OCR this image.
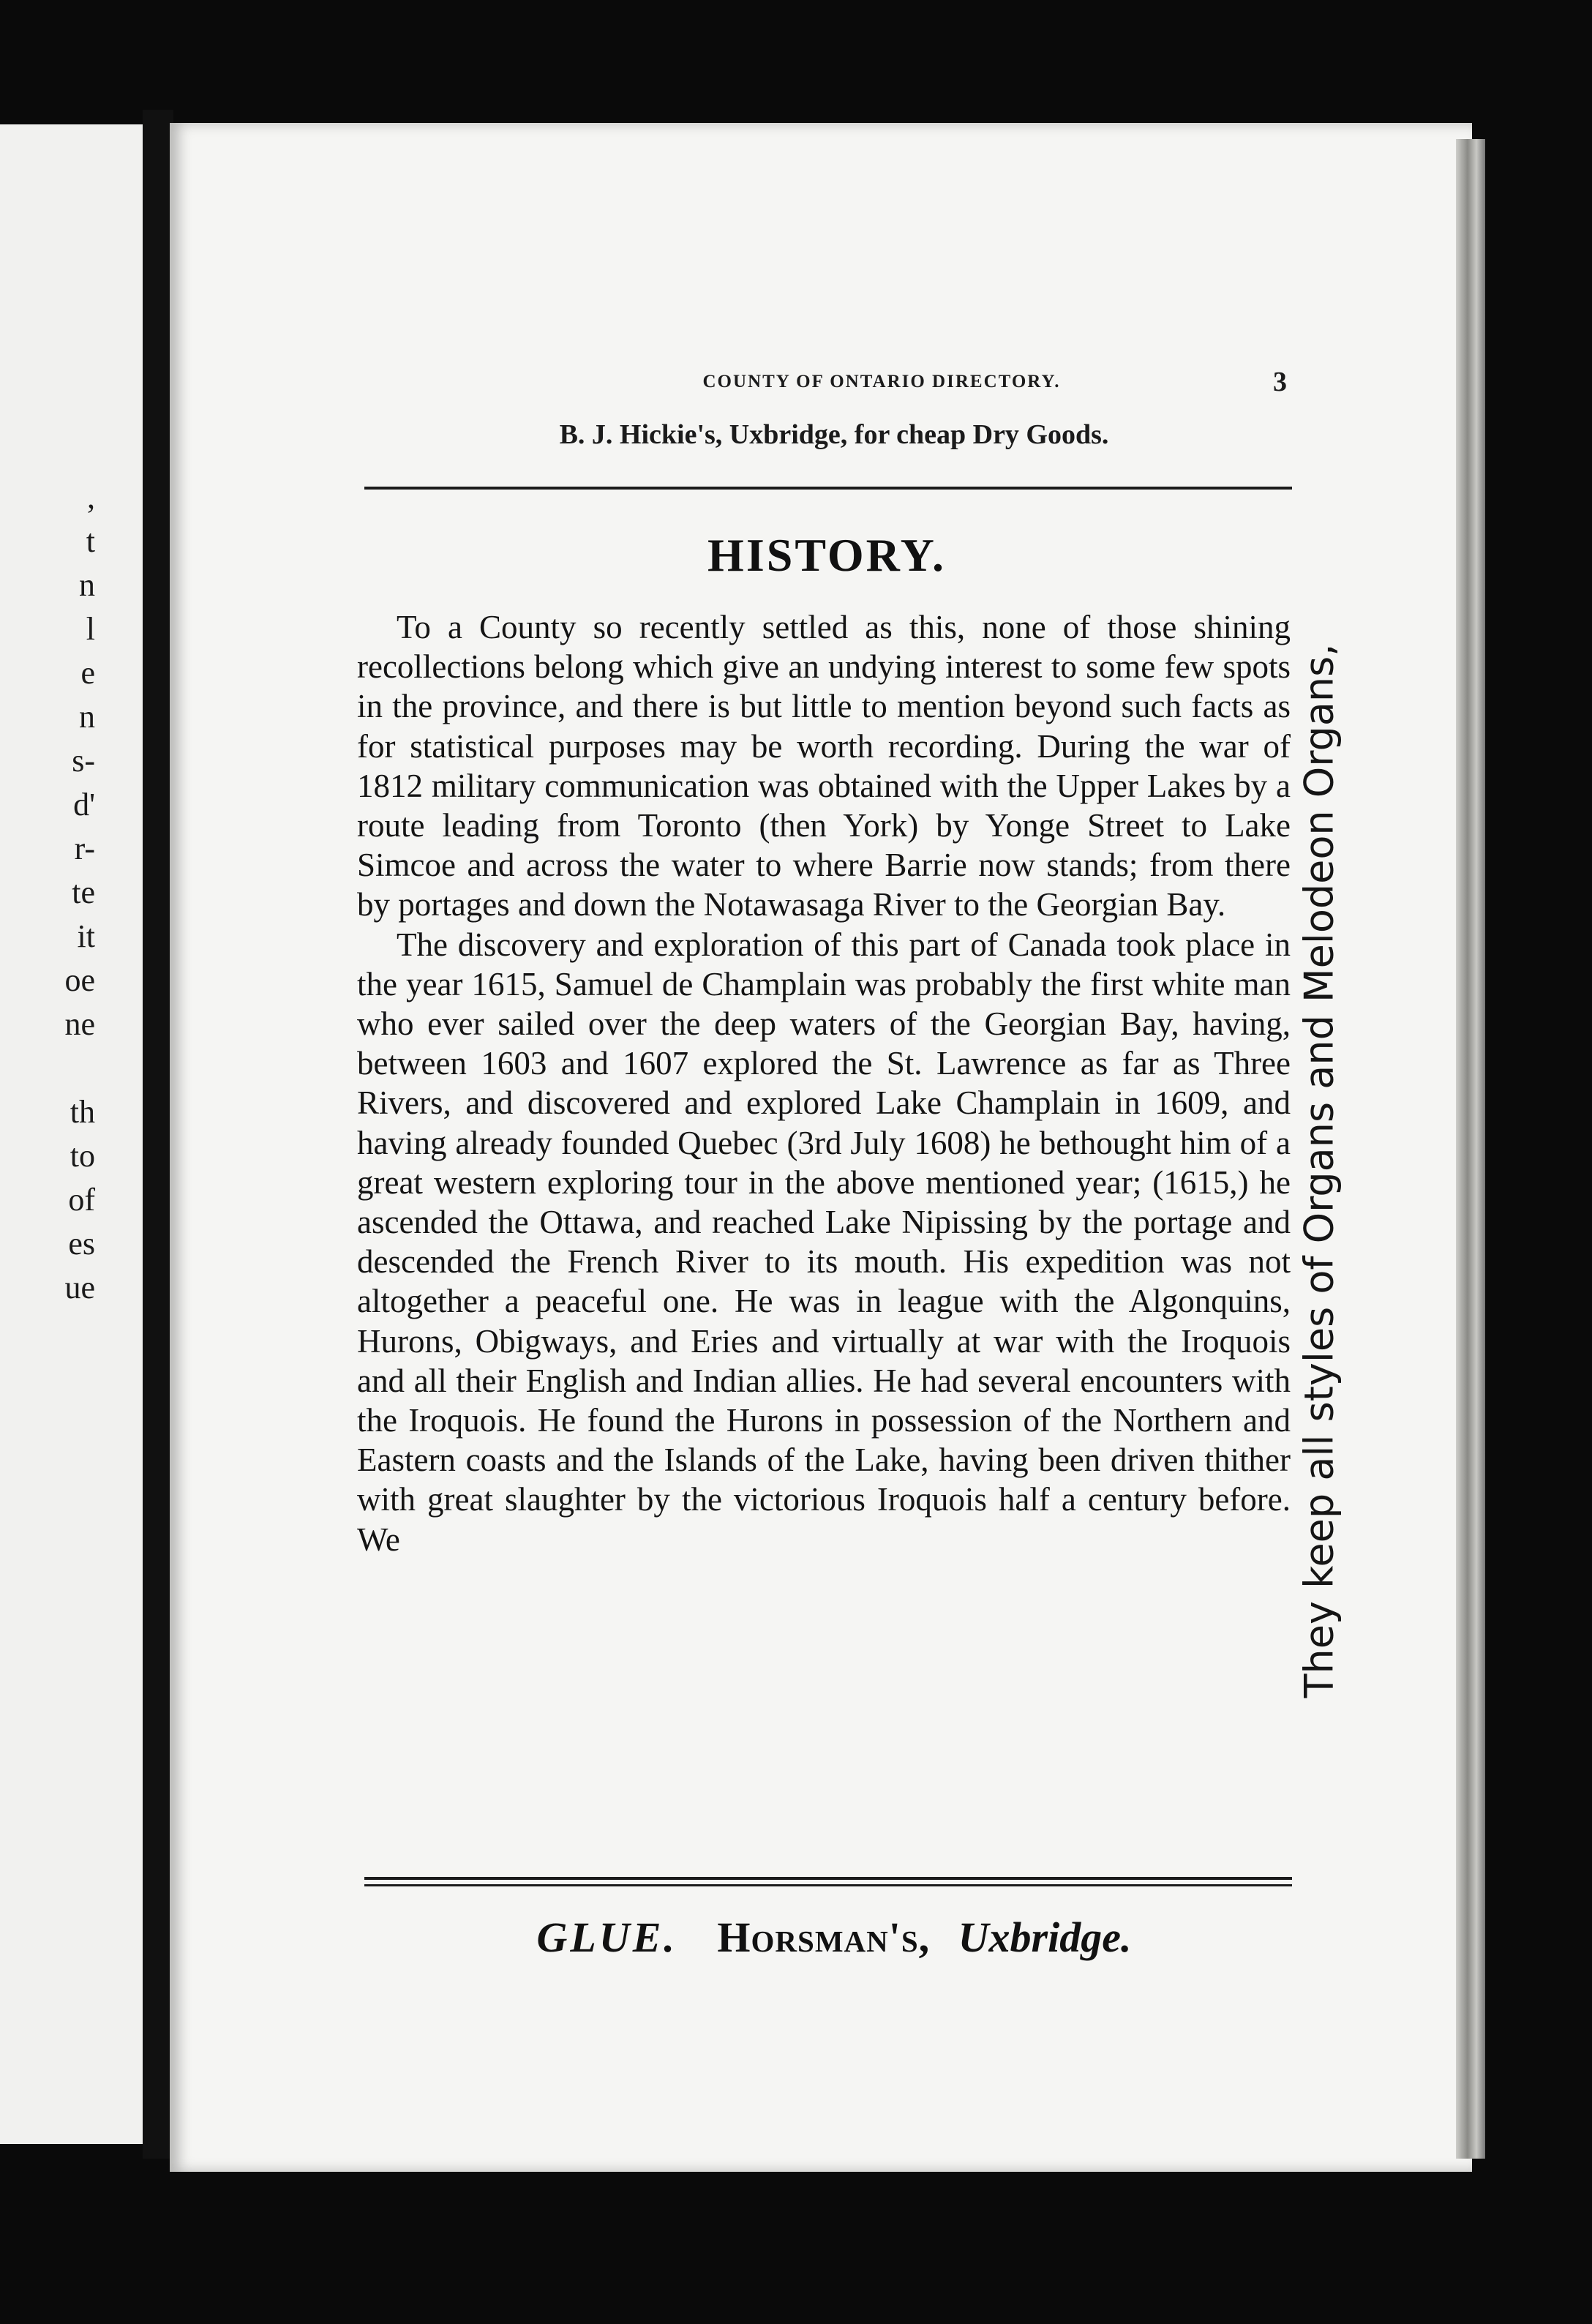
,
t
n
l
e
n
s-
d'
r-
te
it
oe
ne
th
to
of
es
ue
COUNTY OF ONTARIO DIRECTORY.	3
B. J. Hickie's, Uxbridge, for cheap Dry Goods.
HISTORY.

To a County so recently settled as this, none of those shining recollections belong which give an undying interest to some few spots in the province, and there is but little to mention beyond such facts as for statistical purposes may be worth recording. During the war of 1812 military communication was obtained with the Upper Lakes by a route leading from Toronto (then York) by Yonge Street to Lake Simcoe and across the water to where Barrie now stands; from there by portages and down the Notawasaga River to the Georgian Bay.

The discovery and exploration of this part of Canada took place in the year 1615, Samuel de Champlain was probably the first white man who ever sailed over the deep waters of the Georgian Bay, having, between 1603 and 1607 explored the St. Lawrence as far as Three Rivers, and discovered and explored Lake Champlain in 1609, and having already founded Quebec (3rd July 1608) he bethought him of a great western exploring tour in the above mentioned year; (1615,) he ascended the Ottawa, and reached Lake Nipissing by the portage and descended the French River to its mouth. His expedition was not altogether a peaceful one. He was in league with the Algonquins, Hurons, Obigways, and Eries and virtually at war with the Iroquois and all their English and Indian allies. He had several encounters with the Iroquois. He found the Hurons in possession of the Northern and Eastern coasts and the Islands of the Lake, having been driven thither with great slaughter by the victorious Iroquois half a century before. We	They keep all styles of Organs and Melodeon Organs,
GLUE. Horsman's, Uxbridge.
